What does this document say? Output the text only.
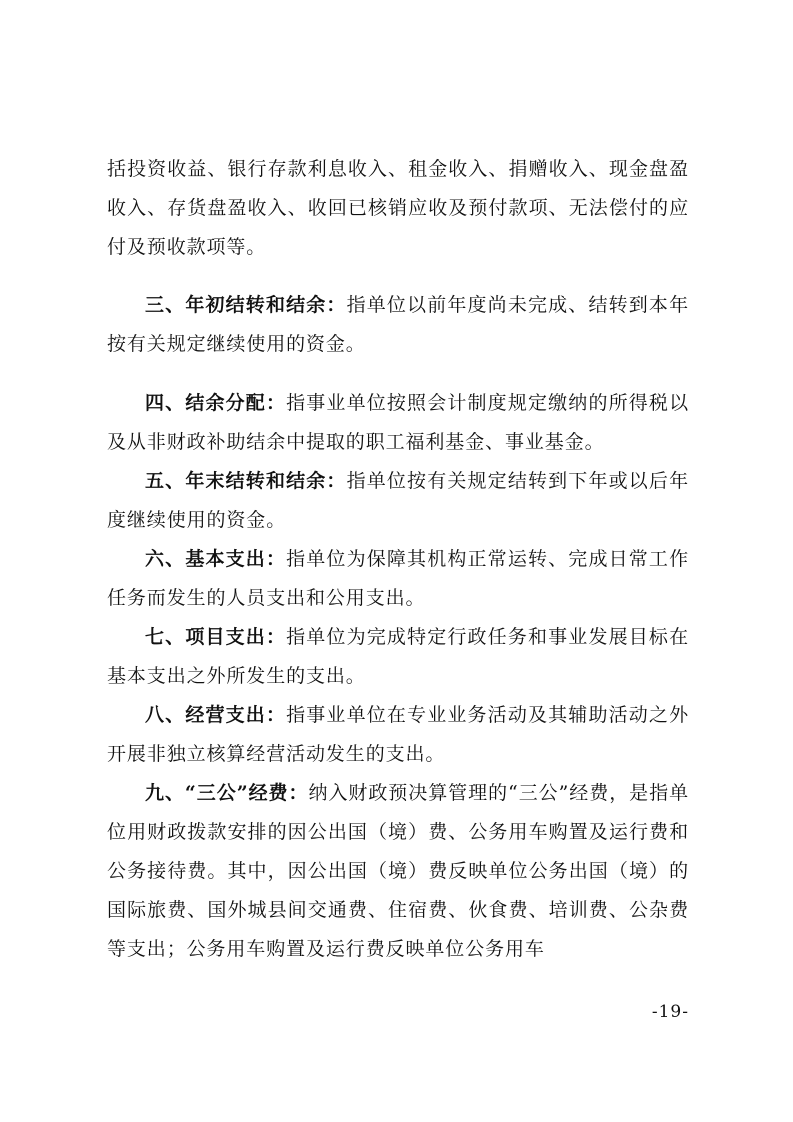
括投资收益、银行存款利息收入、租金收入、捐赠收入、现金盘盈收入、存货盘盈收入、收回已核销应收及预付款项、无法偿付的应付及预收款项等。

三、年初结转和结余：指单位以前年度尚未完成、结转到本年按有关规定继续使用的资金。

四、结余分配：指事业单位按照会计制度规定缴纳的所得税以及从非财政补助结余中提取的职工福利基金、事业基金。

五、年末结转和结余：指单位按有关规定结转到下年或以后年度继续使用的资金。

六、基本支出：指单位为保障其机构正常运转、完成日常工作任务而发生的人员支出和公用支出。

七、项目支出：指单位为完成特定行政任务和事业发展目标在基本支出之外所发生的支出。

八、经营支出：指事业单位在专业业务活动及其辅助活动之外开展非独立核算经营活动发生的支出。

九、“三公”经费：纳入财政预决算管理的“三公”经费，是指单位用财政拨款安排的因公出国（境）费、公务用车购置及运行费和公务接待费。其中，因公出国（境）费反映单位公务出国（境）的国际旅费、国外城县间交通费、住宿费、伙食费、培训费、公杂费等支出；公务用车购置及运行费反映单位公务用车

-19-
